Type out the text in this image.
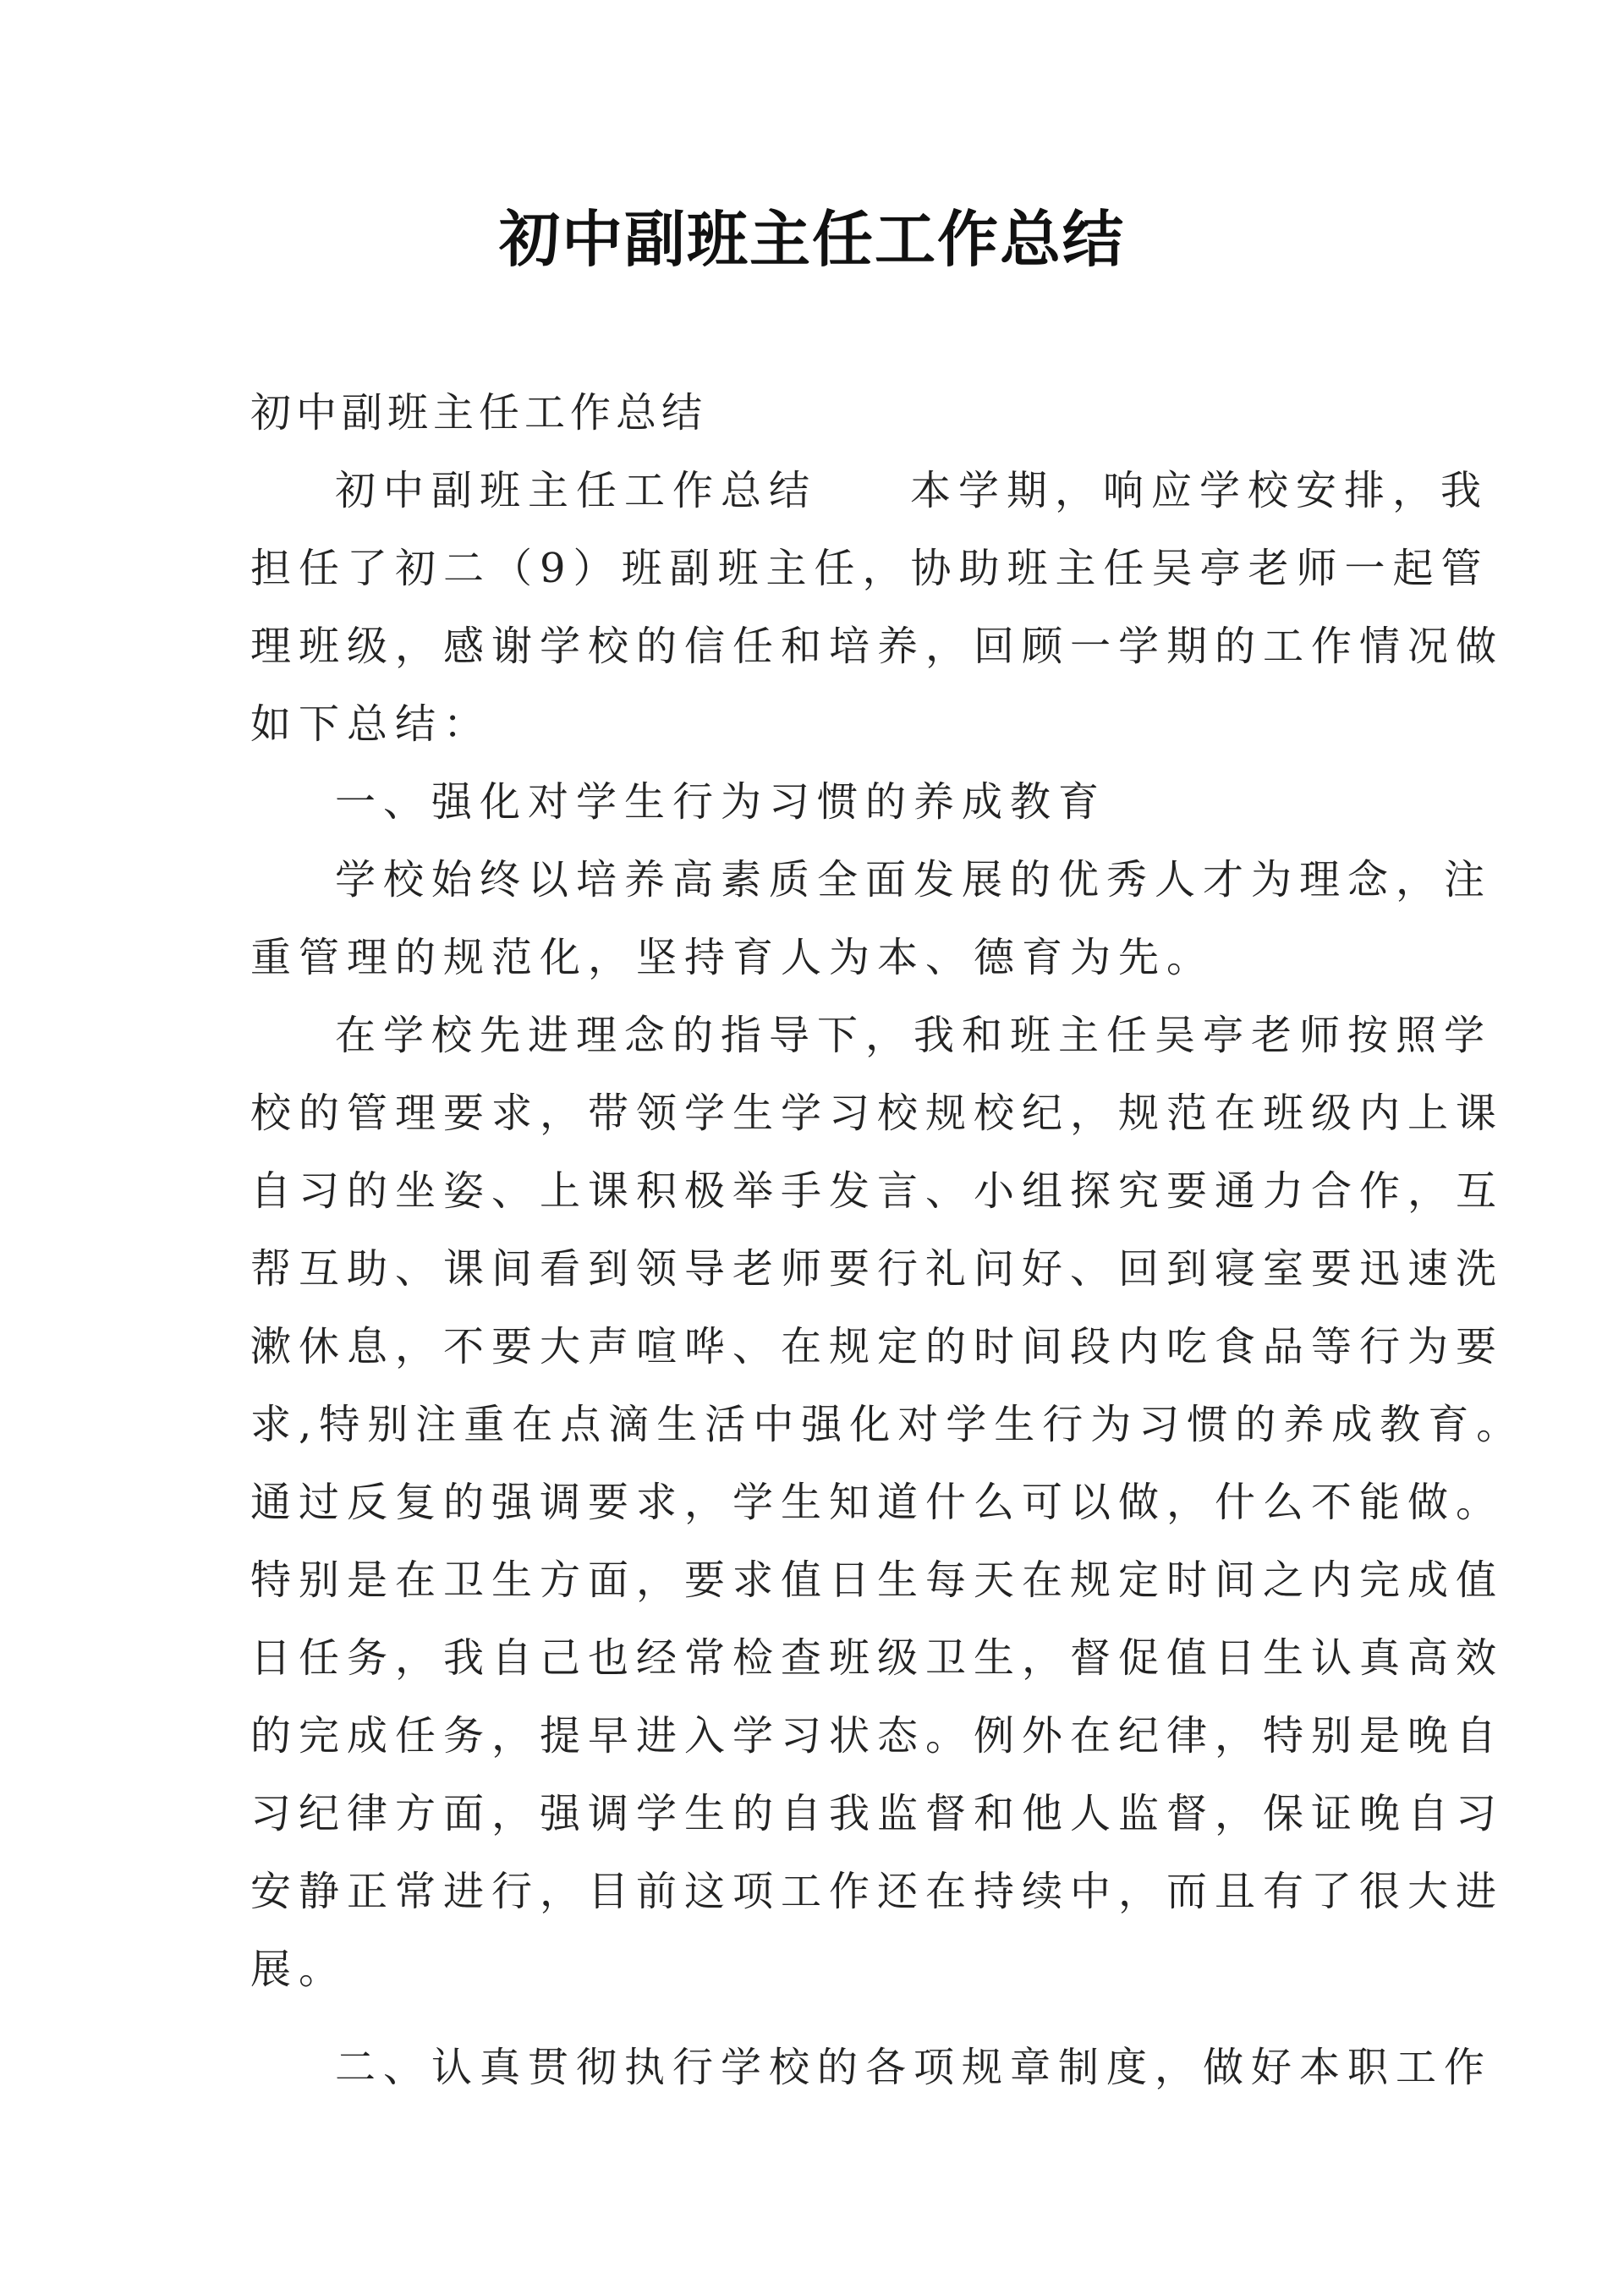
初中副班主任工作总结
初中副班主任工作总结
初中副班主任工作总结 本学期，响应学校安排，我
担任了初二（9）班副班主任，协助班主任吴亭老师一起管
理班级，感谢学校的信任和培养，回顾一学期的工作情况做
如下总结：
一、强化对学生行为习惯的养成教育
学校始终以培养高素质全面发展的优秀人才为理念，注
重管理的规范化，坚持育人为本、德育为先。
在学校先进理念的指导下，我和班主任吴亭老师按照学
校的管理要求，带领学生学习校规校纪，规范在班级内上课
自习的坐姿、上课积极举手发言、小组探究要通力合作，互
帮互助、课间看到领导老师要行礼问好、回到寝室要迅速洗
漱休息，不要大声喧哗、在规定的时间段内吃食品等行为要
求,特别注重在点滴生活中强化对学生行为习惯的养成教育。
通过反复的强调要求，学生知道什么可以做，什么不能做。
特别是在卫生方面，要求值日生每天在规定时间之内完成值
日任务，我自己也经常检查班级卫生，督促值日生认真高效
的完成任务，提早进入学习状态。例外在纪律，特别是晚自
习纪律方面，强调学生的自我监督和他人监督，保证晚自习
安静正常进行，目前这项工作还在持续中，而且有了很大进
展。
二、认真贯彻执行学校的各项规章制度，做好本职工作
